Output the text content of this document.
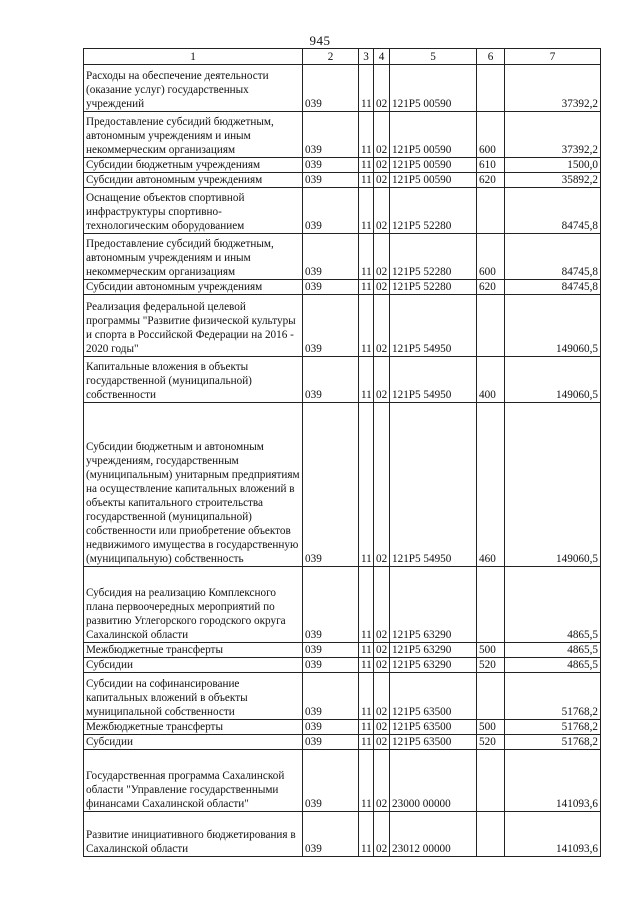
945
1	2	3	4	5	6	7
Расходы на обеспечение деятельности (оказание услуг) государственных учреждений	039	11	02	121P5 00590		37392,2
Предоставление субсидий бюджетным, автономным учреждениям и иным некоммерческим организациям	039	11	02	121P5 00590	600	37392,2
Субсидии бюджетным учреждениям	039	11	02	121P5 00590	610	1500,0
Субсидии автономным учреждениям	039	11	02	121P5 00590	620	35892,2
Оснащение объектов спортивной инфраструктуры спортивно-технологическим оборудованием	039	11	02	121P5 52280		84745,8
Предоставление субсидий бюджетным, автономным учреждениям и иным некоммерческим организациям	039	11	02	121P5 52280	600	84745,8
Субсидии автономным учреждениям	039	11	02	121P5 52280	620	84745,8
Реализация федеральной целевой программы "Развитие физической культуры и спорта в Российской Федерации на 2016 - 2020 годы"	039	11	02	121P5 54950		149060,5
Капитальные вложения в объекты государственной (муниципальной) собственности	039	11	02	121P5 54950	400	149060,5
Субсидии бюджетным и автономным учреждениям, государственным (муниципальным) унитарным предприятиям на осуществление капитальных вложений в объекты капитального строительства государственной (муниципальной) собственности или приобретение объектов недвижимого имущества в государственную (муниципальную) собственность	039	11	02	121P5 54950	460	149060,5
Субсидия на реализацию Комплексного плана первоочередных мероприятий по развитию Углегорского городского округа Сахалинской области	039	11	02	121P5 63290		4865,5
Межбюджетные трансферты	039	11	02	121P5 63290	500	4865,5
Субсидии	039	11	02	121P5 63290	520	4865,5
Субсидии на софинансирование капитальных вложений в объекты муниципальной собственности	039	11	02	121P5 63500		51768,2
Межбюджетные трансферты	039	11	02	121P5 63500	500	51768,2
Субсидии	039	11	02	121P5 63500	520	51768,2
Государственная программа Сахалинской области "Управление государственными финансами Сахалинской области"	039	11	02	23000 00000		141093,6
Развитие инициативного бюджетирования в Сахалинской области	039	11	02	23012 00000		141093,6
